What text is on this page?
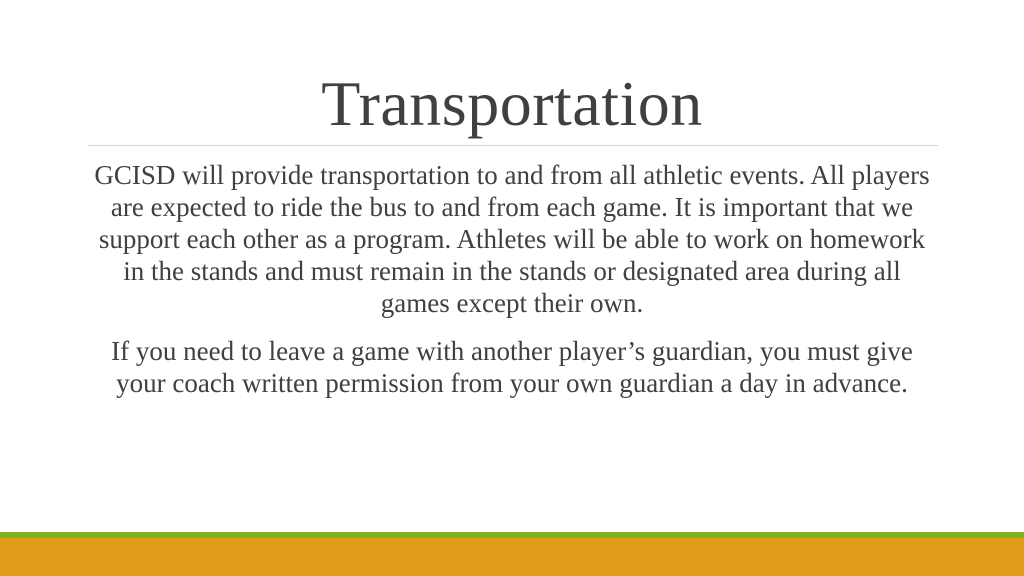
Transportation

GCISD will provide transportation to and from all athletic events. All players are expected to ride the bus to and from each game. It is important that we support each other as a program. Athletes will be able to work on homework in the stands and must remain in the stands or designated area during all games except their own.

If you need to leave a game with another player’s guardian, you must give your coach written permission from your own guardian a day in advance.
